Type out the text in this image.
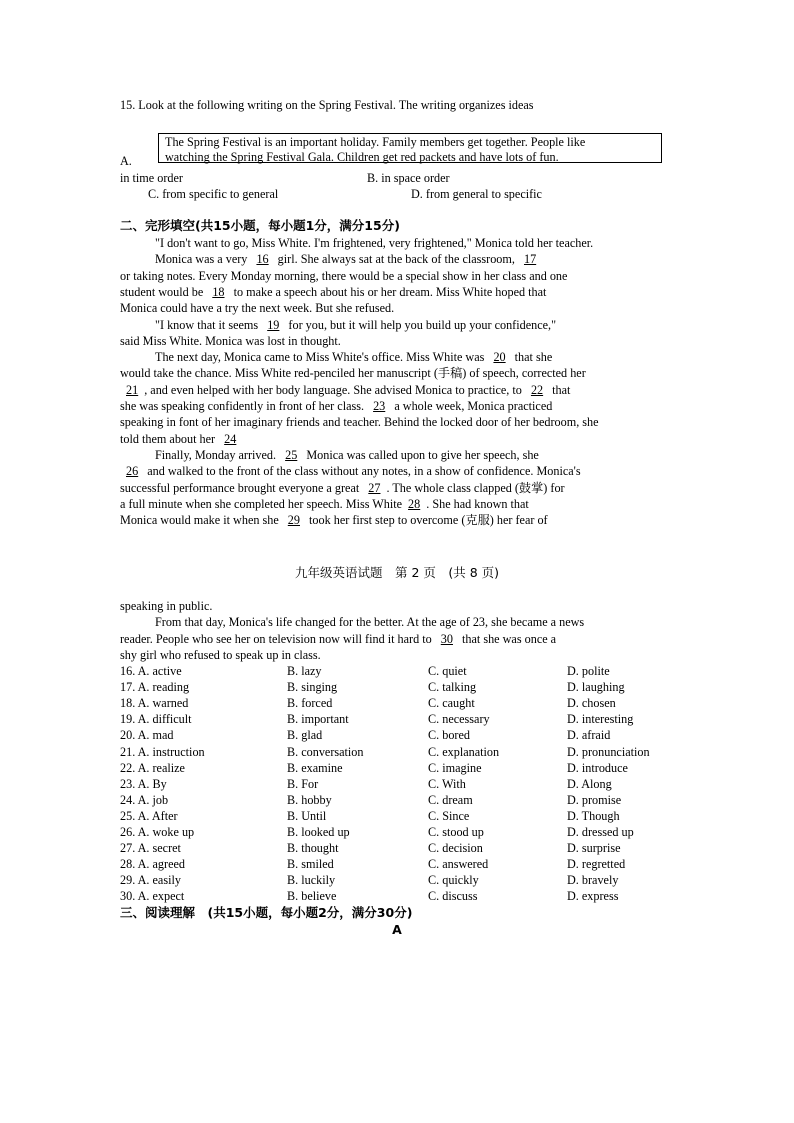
15. Look at the following writing on the Spring Festival. The writing organizes ideas
The Spring Festival is an important holiday. Family members get together. People like
watching the Spring Festival Gala. Children get red packets and have lots of fun.
A.
in time order	B. in space order
C. from specific to general	D. from general to specific
二、完形填空(共15小题，每小题1分，满分15分)
"I don't want to go, Miss White. I'm frightened, very frightened," Monica told her teacher.
Monica was a very 16 girl. She always sat at the back of the classroom, 17
or taking notes. Every Monday morning, there would be a special show in her class and one
student would be 18 to make a speech about his or her dream. Miss White hoped that
Monica could have a try the next week. But she refused.
"I know that it seems 19 for you, but it will help you build up your confidence,"
said Miss White. Monica was lost in thought.
The next day, Monica came to Miss White's office. Miss White was 20 that she
would take the chance. Miss White red-penciled her manuscript (手稿) of speech, corrected her
21 , and even helped with her body language. She advised Monica to practice, to 22 that
she was speaking confidently in front of her class. 23 a whole week, Monica practiced
speaking in font of her imaginary friends and teacher. Behind the locked door of her bedroom, she
told them about her 24
Finally, Monday arrived. 25 Monica was called upon to give her speech, she
26 and walked to the front of the class without any notes, in a show of confidence. Monica's
successful performance brought everyone a great 27 . The whole class clapped (鼓掌) for
a full minute when she completed her speech. Miss White 28 . She had known that
Monica would make it when she 29 took her first step to overcome (克服) her fear of
九年级英语试题　第 2 页　(共 8 页)
speaking in public.
From that day, Monica's life changed for the better. At the age of 23, she became a news
reader. People who see her on television now will find it hard to 30 that she was once a
shy girl who refused to speak up in class.
16. A. active	B. lazy	C. quiet	D. polite
17. A. reading	B. singing	C. talking	D. laughing
18. A. warned	B. forced	C. caught	D. chosen
19. A. difficult	B. important	C. necessary	D. interesting
20. A. mad	B. glad	C. bored	D. afraid
21. A. instruction	B. conversation	C. explanation	D. pronunciation
22. A. realize	B. examine	C. imagine	D. introduce
23. A. By	B. For	C. With	D. Along
24. A. job	B. hobby	C. dream	D. promise
25. A. After	B. Until	C. Since	D. Though
26. A. woke up	B. looked up	C. stood up	D. dressed up
27. A. secret	B. thought	C. decision	D. surprise
28. A. agreed	B. smiled	C. answered	D. regretted
29. A. easily	B. luckily	C. quickly	D. bravely
30. A. expect	B. believe	C. discuss	D. express
三、阅读理解　(共15小题，每小题2分，满分30分)
A
